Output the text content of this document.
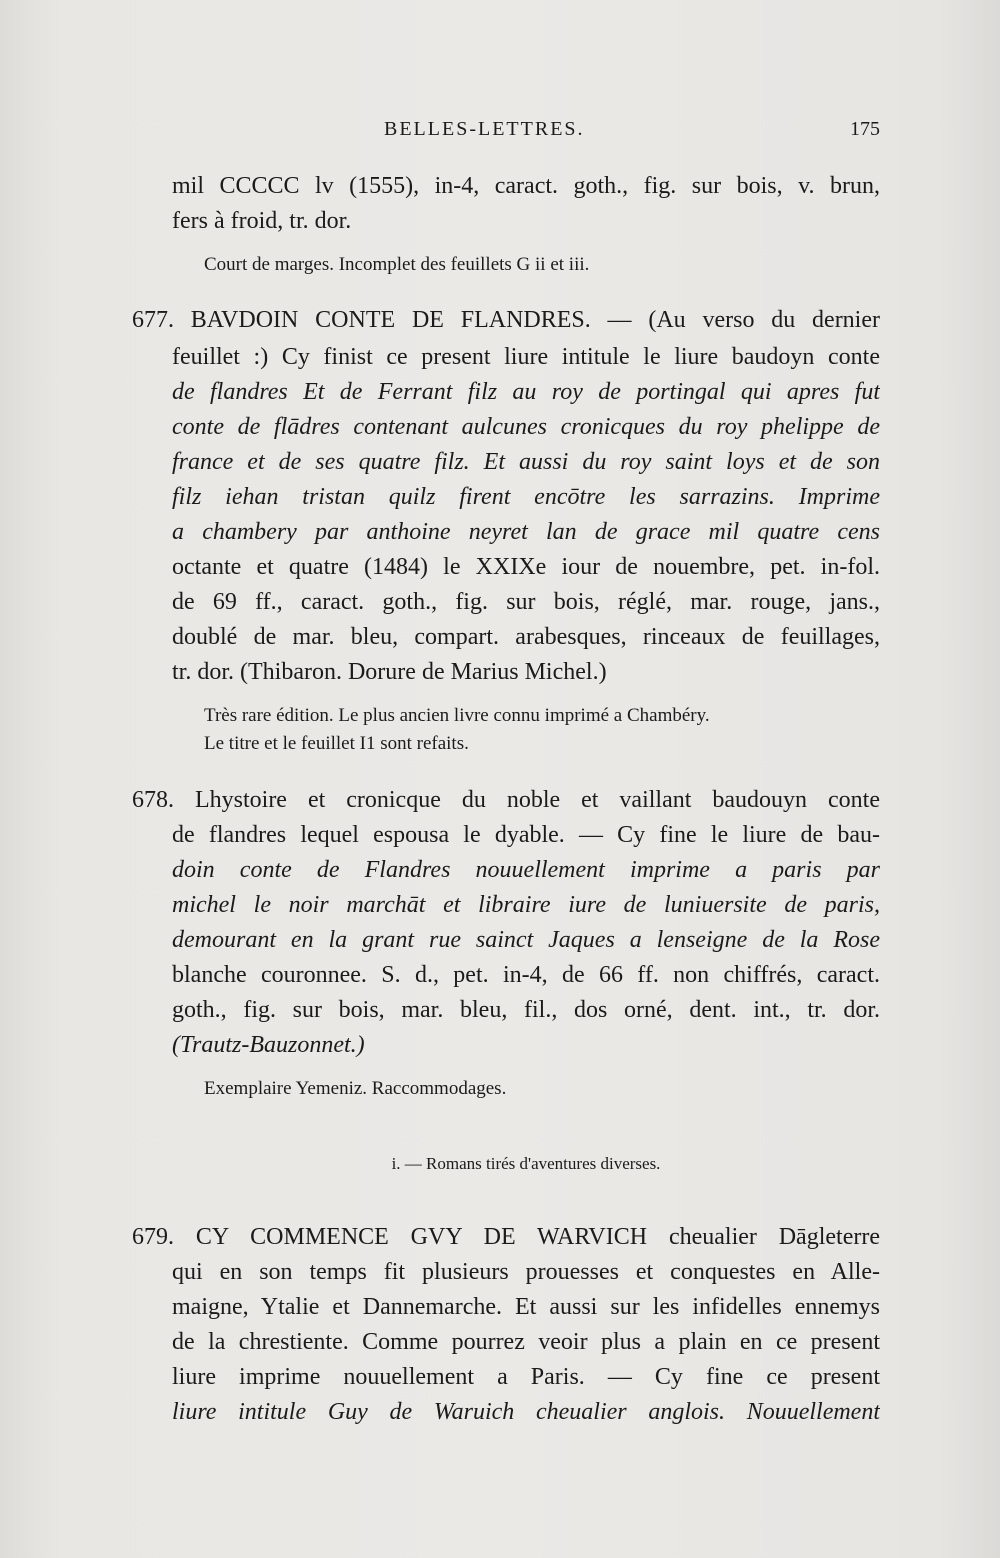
BELLES-LETTRES.	175
mil CCCCC lv (1555), in-4, caract. goth., fig. sur bois, v. brun,
fers à froid, tr. dor.
Court de marges. Incomplet des feuillets G ii et iii.
677. BAVDOIN CONTE DE FLANDRES. — (Au verso du dernier
feuillet :) Cy finist ce present liure intitule le liure baudoyn conte
de flandres Et de Ferrant filz au roy de portingal qui apres fut
conte de flādres contenant aulcunes cronicques du roy phelippe de
france et de ses quatre filz. Et aussi du roy saint loys et de son
filz iehan tristan quilz firent encōtre les sarrazins. Imprime
a chambery par anthoine neyret lan de grace mil quatre cens
octante et quatre (1484) le XXIXe iour de nouembre, pet. in-fol.
de 69 ff., caract. goth., fig. sur bois, réglé, mar. rouge, jans.,
doublé de mar. bleu, compart. arabesques, rinceaux de feuillages,
tr. dor. (Thibaron. Dorure de Marius Michel.)
Très rare édition. Le plus ancien livre connu imprimé a Chambéry.
Le titre et le feuillet I1 sont refaits.
678. Lhystoire et cronicque du noble et vaillant baudouyn conte
de flandres lequel espousa le dyable. — Cy fine le liure de bau-
doin conte de Flandres nouuellement imprime a paris par
michel le noir marchāt et libraire iure de luniuersite de paris,
demourant en la grant rue sainct Jaques a lenseigne de la Rose
blanche couronnee. S. d., pet. in-4, de 66 ff. non chiffrés, caract.
goth., fig. sur bois, mar. bleu, fil., dos orné, dent. int., tr. dor.
(Trautz-Bauzonnet.)
Exemplaire Yemeniz. Raccommodages.
i. — Romans tirés d'aventures diverses.
679. CY COMMENCE GVY DE WARVICH cheualier Dāgleterre
qui en son temps fit plusieurs prouesses et conquestes en Alle-
maigne, Ytalie et Dannemarche. Et aussi sur les infidelles ennemys
de la chrestiente. Comme pourrez veoir plus a plain en ce present
liure imprime nouuellement a Paris. — Cy fine ce present
liure intitule Guy de Waruich cheualier anglois. Nouuellement
